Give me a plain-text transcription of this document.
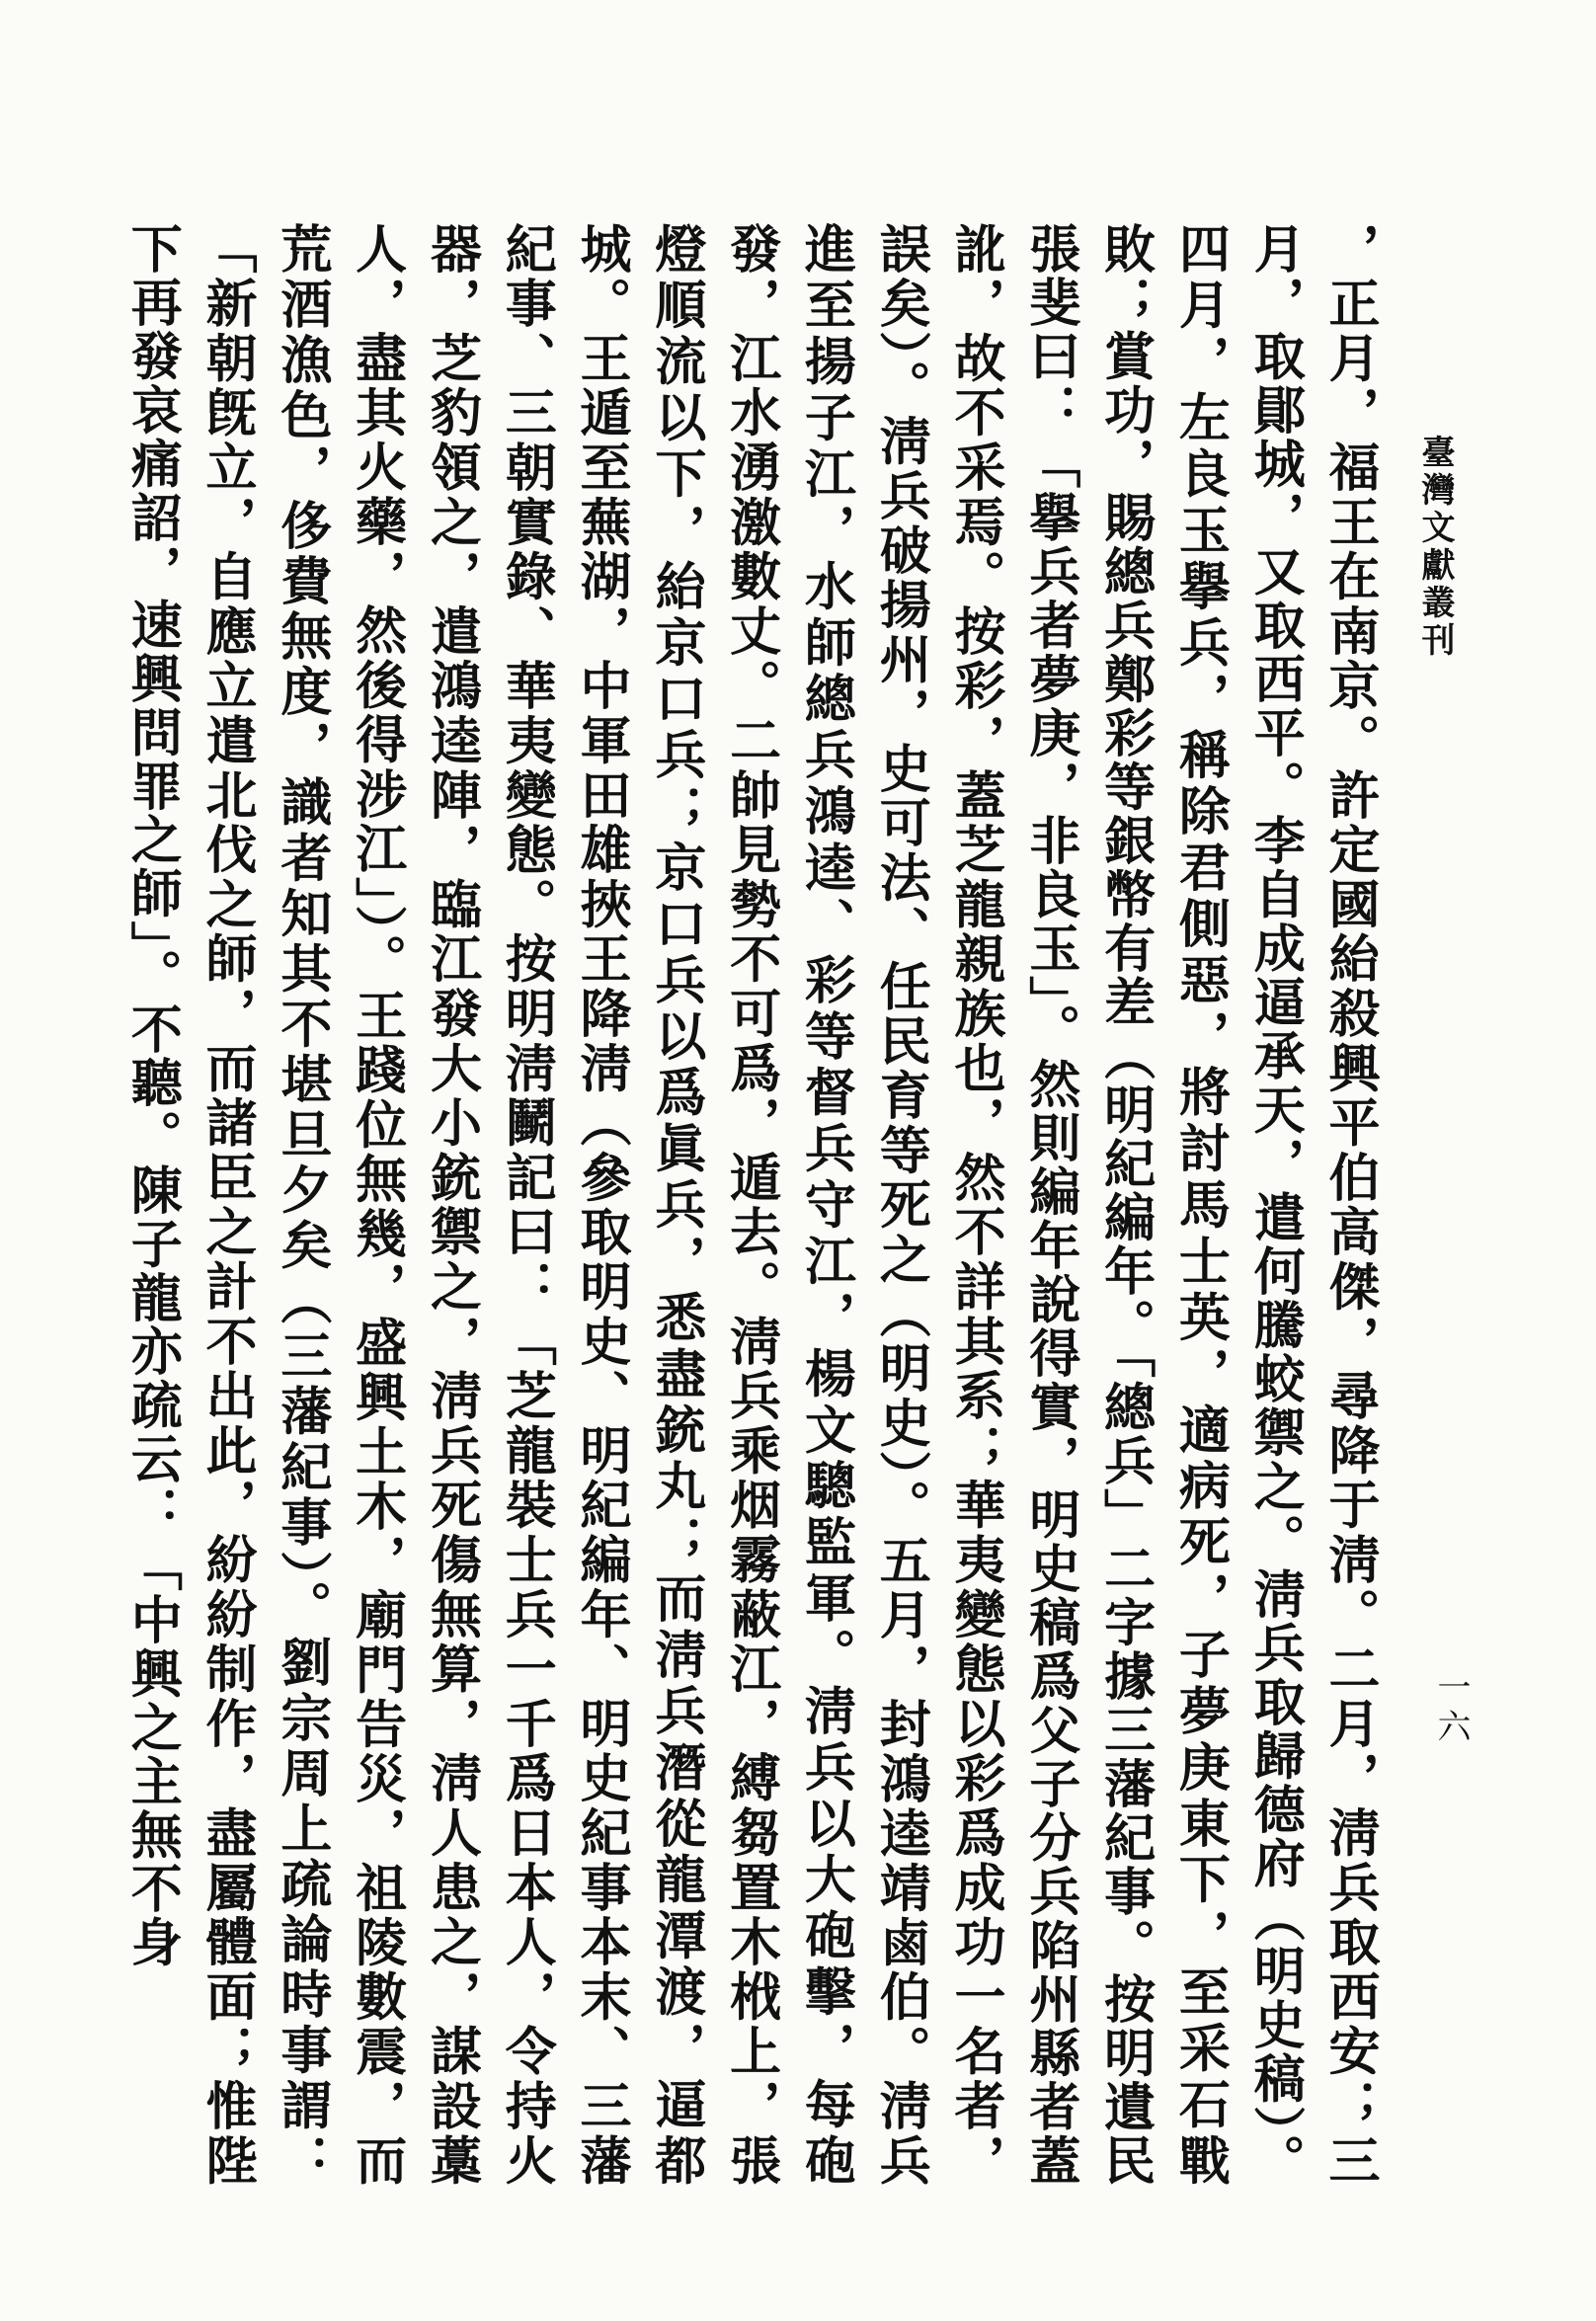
臺灣文獻叢刊
一六
，正月，福王在南京。許定國紿殺興平伯高傑，尋降于淸。二月，淸兵取西安；三月，取鄖城，又取西平。李自成逼承天，遣何騰蛟禦之。淸兵取歸德府（明史稿）。四月，左良玉擧兵，稱除君側惡，將討馬士英，適病死，子夢庚東下，至采石戰敗；賞功，賜總兵鄭彩等銀幣有差（明紀編年。「總兵」二字據三藩紀事。按明遺民張斐曰：「擧兵者夢庚，非良玉」。然則編年說得實，明史稿爲父子分兵陷州縣者蓋訛，故不采焉。按彩，蓋芝龍親族也，然不詳其系；華夷變態以彩爲成功一名者，誤矣）。淸兵破揚州，史可法、任民育等死之（明史）。五月，封鴻逵靖鹵伯。淸兵進至揚子江，水師總兵鴻逵、彩等督兵守江，楊文驄監軍。淸兵以大砲擊，每砲發，江水湧激數丈。二帥見勢不可爲，遁去。淸兵乘烟霧蔽江，縛芻置木栰上，張燈順流以下，紿京口兵；京口兵以爲眞兵，悉盡銃丸；而淸兵潛從龍潭渡，逼都城。王遁至蕪湖，中軍田雄挾王降淸（參取明史、明紀編年、明史紀事本末、三藩紀事、三朝實錄、華夷變態。按明淸鬭記曰：「芝龍裝士兵一千爲日本人，令持火器，芝豹領之，遣鴻逵陣，臨江發大小銃禦之，淸兵死傷無算，淸人患之，謀設藁人，盡其火藥，然後得涉江」）。王踐位無幾，盛興土木，廟門告災，祖陵數震，而荒酒漁色，侈費無度，識者知其不堪旦夕矣（三藩紀事）。劉宗周上疏論時事謂：「新朝旣立，自應立遣北伐之師，而諸臣之計不出此，紛紛制作，盡屬體面；惟陛下再發哀痛詔，速興問罪之師」。不聽。陳子龍亦疏云：「中興之主無不身
